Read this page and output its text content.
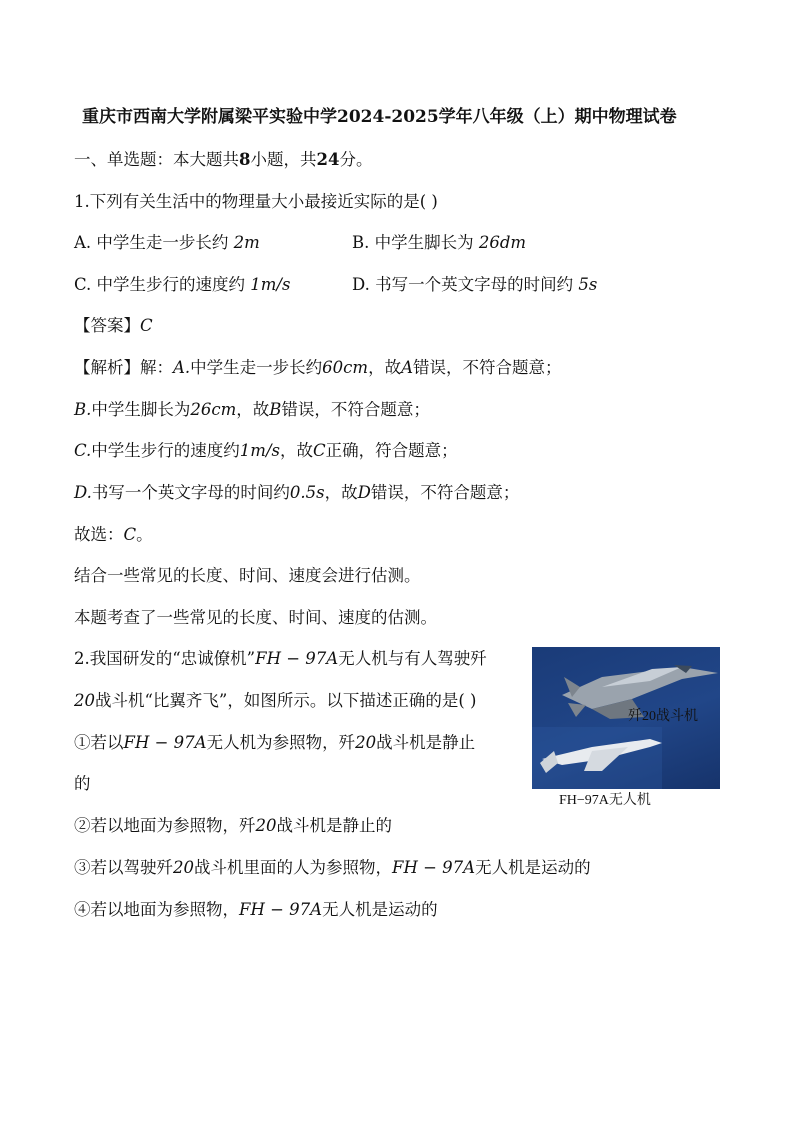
重庆市西南大学附属梁平实验中学2024-2025学年八年级（上）期中物理试卷
一、单选题：本大题共8小题，共24分。
1.下列有关生活中的物理量大小最接近实际的是( )
A. 中学生走一步长约 2m	B. 中学生脚长为 26dm
C. 中学生步行的速度约 1m/s	D. 书写一个英文字母的时间约 5s
【答案】C
【解析】解：A.中学生走一步长约60cm，故A错误，不符合题意；
B.中学生脚长为26cm，故B错误，不符合题意；
C.中学生步行的速度约1m/s，故C正确，符合题意；
D.书写一个英文字母的时间约0.5s，故D错误，不符合题意；
故选：C。
结合一些常见的长度、时间、速度会进行估测。
本题考查了一些常见的长度、时间、速度的估测。
2.我国研发的“忠诚僚机”FH − 97A无人机与有人驾驶歼
20战斗机“比翼齐飞”，如图所示。以下描述正确的是( )
①若以FH − 97A无人机为参照物，歼20战斗机是静止
的
②若以地面为参照物，歼20战斗机是静止的
③若以驾驶歼20战斗机里面的人为参照物，FH − 97A无人机是运动的
④若以地面为参照物，FH − 97A无人机是运动的
歼20战斗机
FH−97A无人机
